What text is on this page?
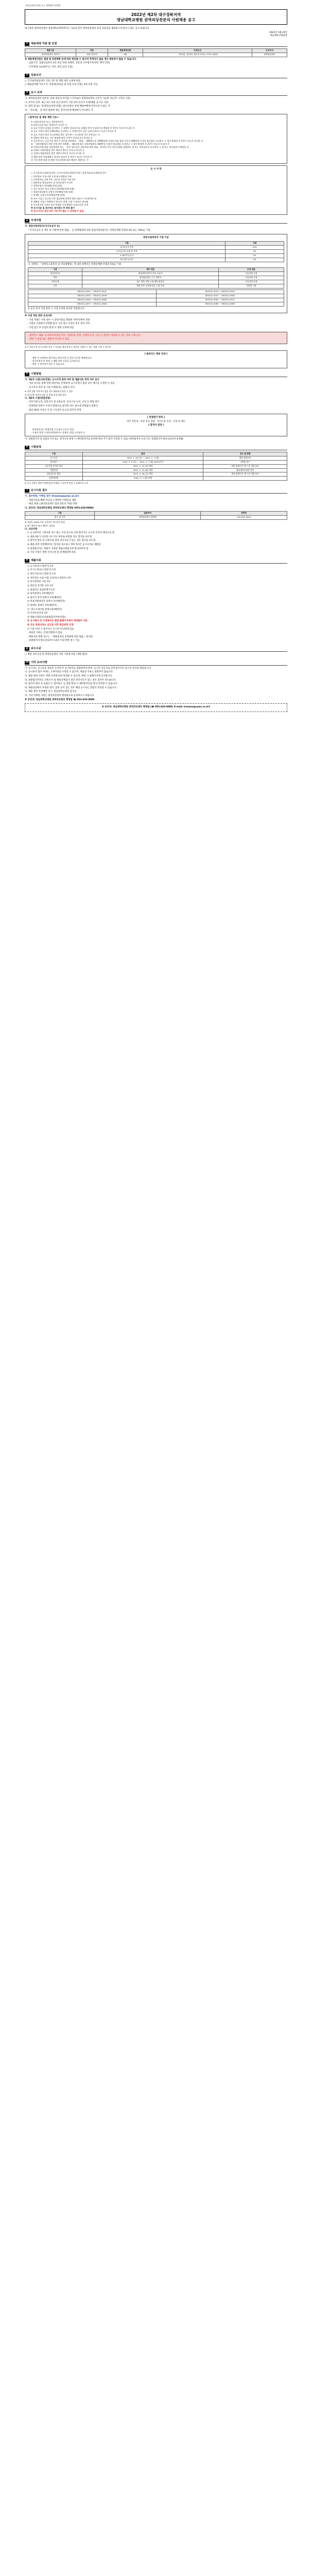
【영남대학교병원 공고 제2022-1155】
2022년 제2차 대구경북지역
영남대학교병원 권역외상전문의 사원채용 공고
대구경북 권역외상센터 영남대학교병원에서는 다음과 같이 권역외상센터 외과 전문의를 채용하고자 하오니 많은 응시 바랍니다.
2022년 1월 20일
영남대학교병원장
1	채용예정 직종 및 인원
채용구분	직종	채용예정인원	자격요건	근무부서
권역외상센터 전문의	외과 전문의	0명	「의료법」에 따른 전문의 자격증 소지자 (외과)	권역외상센터
※ 채용예정인원은 결원 및 증원계획 등에 따라 변동될 수 있으며 적격자가 없을 경우 채용하지 않을 수 있습니다.
- 임용기간: 임용일로부터 2년 (2년 단위 재계약, 전문의 근무평가에 따라 계약 연장)
- 근무형태: 3교대(주간, 야간, 휴일 당직 포함)
2	임용조건
○ 국가권역외상센터 지원 기준 및 병원 내부 규정에 따름
○ 채용분야별 처우조건: 연봉제(성과급 및 각종 수당 포함), 4대 보험 가입
3	응시 자격
가. 권역외상센터 전문의: 외과 전문의 자격증 소지자로서 권역외상센터 근무가 가능한 자(근무 시작일 기준)
나. 외국어 성적: 최근 2년 이내 공인 외국어 시험 성적 보유자 우대(채용 공고일 기준)
다. 병역 필 또는 면제자(남성에 한함), 접수마감일 현재 해외여행에 결격사유가 없는 자
라. 「의료법」 및 관련 법령에 따른 결격사유에 해당하지 아니하는 자
<결격사유 및 채용 제한 사유>
① 피성년후견인 또는 피한정후견인
② 파산선고를 받고 복권되지 아니한 자
③ 금고 이상의 실형을 선고받고 그 집행이 종료되거나 집행을 받지 아니하기로 확정된 후 5년이 지나지 아니한 자
④ 금고 이상의 형의 집행유예를 선고받고 그 유예기간이 끝난 날부터 2년이 지나지 아니한 자
⑤ 금고 이상의 형의 선고유예를 받은 경우에 그 선고유예 기간 중에 있는 자
⑥ 법원의 판결 또는 다른 법률에 따라 자격이 상실되거나 정지된 자
⑦ 공무원 또는 공공기관 재직 중 직무와 관련하여 「형법」 제355조 및 제356조에 규정된 죄를 범한 자로서 300만원 이상의 벌금형을 선고받고 그 형이 확정된 후 2년이 지나지 아니한 자
⑧ 「성폭력범죄의 처벌 등에 관한 특례법」 제2조에 따른 성폭력범죄로 300만원 이상의 벌금형을 선고받고 그 형이 확정된 후 2년이 지나지 아니한 자
⑨ 미성년자에 대한 성폭력범죄 또는 「아동·청소년의 성보호에 관한 법률」에 따른 아동·청소년대상 성범죄로 형 또는 치료감호를 선고받아 그 형 또는 치료감호가 확정된 자
⑩ 징계로 파면처분을 받은 때부터 5년이 지나지 아니한 자
⑪ 징계로 해임처분을 받은 때부터 3년이 지나지 아니한 자
⑫ 채용 관련 비위행위로 합격이 취소된 후 5년이 지나지 아니한 자
⑬ 기타 관계 법령 및 병원 인사규정에 따라 채용이 제한되는 자
응 시 서 류
○ 응시원서(소정양식) 1부, 자기소개서(소정양식) 1부, 경력기술서(소정양식) 1부
○ 개인정보 수집·이용 동의서(소정양식) 1부
○ 의사면허증 사본 1부, 전문의 자격증 사본 1부
○ 최종학교 졸업증명서 및 성적증명서 각 1부
○ 경력증명서 1부(해당자에 한함)
○ 공인 외국어 성적 증명서 1부(해당자에 한함)
○ 취업지원대상자 증명서 1부(해당자에 한함)
○ 장애인 증명서 1부(해당자에 한함)
※ 모든 서류는 공고일 이후 발급분에 한하며 원본 대조가 가능하여야 함
※ 제출된 서류는 반환하지 않으며, 허위 기재 시 합격이 취소됨
※ 응시원서의 사진은 최근 6개월 이내 촬영한 증명사진을 부착
※ 응시서류 및 접수처는 원서접수 후 변경 불가
※ 공고기간은 통상 2주 이상이며 필요 시 연장될 수 있음
4	우대사항
가. 취업지원대상자(국가유공자 등)
「국가유공자 등 예우 및 지원에 관한 법률」 등 관계법령에 의한 취업지원대상자는 전형단계별 만점의 5% 또는 10%를 가점
취업지원대상자 가점 기준
구분	가점
국가유공자 본인	10%
국가유공자 유족 및 가족	5%
5·18민주유공자	5%
특수임무유공자	5%
나. 장애인: 「장애인고용촉진 및 직업재활법」에 의한 장애인은 전형단계별 만점의 5%를 가점
구분	세부 내용	우대 내용
외상전문의	외상세부전문의 자격 소지자	서류전형 가점
경력	권역외상센터 근무 경력자	서류전형 가점
지역인재	대구·경북 지역 소재 대학 졸업자	서류전형 가점
기타	병원 내부 규정에 따른 우대 사항	전형별 가점
SR2022-0001 ~ SR2022-0012	SR2022-0013 ~ SR2022-0024
SR2022-0025 ~ SR2022-0036	SR2022-0037 ~ SR2022-0048
SR2022-0049 ~ SR2022-0060	SR2022-0061 ~ SR2022-0072
SR2022-0073 ~ SR2022-0084	SR2022-0085 ~ SR2022-0096
※ 동일 분야 가점 중복 시 가장 유리한 하나만 적용합니다.
※ 가점 적용 관련 유의사항
- 가점 적용은 서류 접수 시 증빙서류를 제출한 자에 한하여 적용
- 가점을 포함하여 전형별 합격 기준 점수 이상일 경우 합격 처리
- 가점 합산 후 동점자 발생 시 병원 규정에 따름
- 블라인드 채용: 응시원서에 출신지역, 가족관계, 학력, 신체적 조건, 사진 등 편견이 개입될 수 있는 정보 기재 금지
- 위반 시 감점 또는 불합격 처리될 수 있음
※ 응시원서 및 자기소개서 작성 시 학교명, 출신지역 등 개인을 식별할 수 있는 내용 기재 시 불이익
[ 블라인드 채용 안내 ]
- 채용 전 과정에서 출신학교, 출신지역 등 편견 요인을 배제합니다.
- 입사지원서 및 면접 시 해당 정보 언급을 금지합니다.
- 위반 시 불이익이 있을 수 있습니다.
5	시험방법
가. 제1차 시험(서류전형): 응시자격 충족 여부 및 제출서류 적격 여부 심사
- 서류 심사를 통해 면접 대상자를 선정하며, 응시인원이 많을 경우 배수를 조정할 수 있음
- 응시자격 미달 및 서류 미제출자는 불합격 처리
※ 전형 결과 적격자가 없을 경우 채용하지 않을 수 있음
※ 서류전형 합격자 발표 후 면접 일정 개별 통보
나. 제2차 시험(면접전형)
- 직무수행 능력, 전문지식 및 응용능력, 의사소통 능력, 인성 등 종합 평가
- 면접위원 과반수 이상이 불량으로 평가한 경우 점수에 관계없이 불합격
- 평균 60점 이상인 자 중 고득점자 순으로 합격자 결정
[ 면접평가 항목 ]
직무 전문성 · 외상 진료 경험 · 의사소통 능력 · 인성 및 태도
[ 합격자 결정 ]
- 최종합격자는 면접전형 고득점자 순으로 결정
- 동점자 발생 시 취업지원대상자, 장애인, 면접 고득점자 순
다. 최종합격자 중 임용포기자 또는 결격사유 발생 시 예비합격자를 순위에 따라 추가 합격 처리할 수 있음 (예비합격자 유효기간: 최종합격자 발표일로부터 6개월)
6	시험일정
구분	일정	장소 및 방법
공고기간	2022. 1. 20.(목) ~ 2022. 2. 7.(월)	병원 홈페이지
원서접수	2022. 2. 3.(목) ~ 2022. 2. 7.(월) 18:00까지	이메일 접수
서류전형 합격자 발표	2022. 2. 10.(목) 예정	병원 홈페이지 게시 및 개별 통보
면접전형	2022. 2. 15.(화) 예정	영남대학교병원 본관
최종합격자 발표	2022. 2. 18.(금) 예정	병원 홈페이지 게시 및 개별 통보
임용예정일	2022. 3. 1.(화) 예정	-
※ 상기 일정은 병원 사정에 따라 변경될 수 있으며 변경 시 홈페이지 공지
7	응시서류 접수
가. 접수방법: 이메일 접수 (trauma@yumc.ac.kr)
- 제출서류를 PDF 파일로 스캔하여 이메일로 제출
- 메일 제목: [권역외상센터 외과 전문의 지원] 성명
나. 문의처: 영남대학교병원 권역외상센터 행정팀 (053-620-0000)
구분	담당부서	연락처
접수 및 문의	권역외상센터 행정팀	053-620-0000
※ 마감일 18:00 이후 도착분은 접수하지 않음
※ 접수 확인은 회신 메일로 대신함
다. 유의사항
① 응시원서의 기재사항 착오 또는 누락 등으로 인한 불이익은 응시자 본인의 책임으로 함
② 제출서류가 사실과 다르거나 허위로 판명될 경우 합격을 취소함
③ 합격자 발표 후 신원조회 결과 결격사유가 있는 경우 합격을 취소함
④ 채용 관련 부정행위자는 합격을 취소하고 향후 5년간 응시자격을 제한함
⑤ 최종합격자는 병원이 지정한 채용신체검사에 합격하여야 함
⑥ 기타 사항은 병원 인사규정 및 관계법령에 따름
8	제출서류
① 응시원서(소정양식) 1부
② 자기소개서(소정양식) 1부
③ 경력기술서(소정양식) 1부
④ 개인정보 수집·이용 동의서(소정양식) 1부
⑤ 의사면허증 사본 1부
⑥ 전문의 자격증 사본 1부
⑦ 최종학교 졸업증명서 1부
⑧ 경력증명서 1부(해당자)
⑨ 외국어 성적 증명서 1부(해당자)
⑩ 취업지원대상자 증명서 1부(해당자)
⑪ 장애인 증명서 1부(해당자)
⑫ 기타 우대사항 증빙서류(해당자)
⑬ 주민등록초본 1부
⑭ 채용신체검사서(최종합격자에 한함)
※ 응시원서 등 소정양식은 병원 홈페이지에서 내려받아 사용
※ 모든 증빙서류는 공고일 이후 발급분만 인정
⑮ 서류 미비 시 불이익은 응시자 본인에게 있음
- 제출된 서류는 일체 반환하지 않음
- 채용서류 반환 청구는 「채용절차의 공정화에 관한 법률」에 따름
- 최종합격자 발표일로부터 14일 이내 반환 청구 가능
9	보수수준
○ 병원 보수규정 및 권역외상센터 지원 기준에 따름 (개별 협의)
10 기타 유의사항
가. 응시자는 공고문을 충분히 숙지한 후 응시원서를 제출하여야 하며, 공고문 미숙지로 인한 불이익은 응시자 본인의 책임입니다.
나. 응시원서 접수 후에는 기재사항을 수정할 수 없으며, 제출된 서류는 반환하지 않습니다.
다. 채용 관련 사항은 병원 사정에 따라 변경될 수 있으며, 변경 시 홈페이지에 공지합니다.
라. 최종합격자라도 신원조사 및 채용신체검사 결과 결격사유가 있는 경우 합격이 취소됩니다.
마. 합격자 발표 후 임용포기, 합격취소 등 결원 발생 시 예비합격자를 합격 처리할 수 있습니다.
바. 채용과정에서 부정한 청탁, 압력 등이 있는 경우 해당 응시자는 불합격 처리될 수 있습니다.
사. 채용 관련 부정행위 신고: 영남대학교병원 감사실
아. 기타 자세한 사항은 권역외상센터 행정팀으로 문의하시기 바랍니다.
※ 문의처: 영남대학교병원 권역외상센터 행정팀 ☎ 053-620-0000
※ 문의처: 영남대학교병원 권역외상센터 행정팀 (☎ 053-620-0000, E-mail: trauma@yumc.ac.kr)
